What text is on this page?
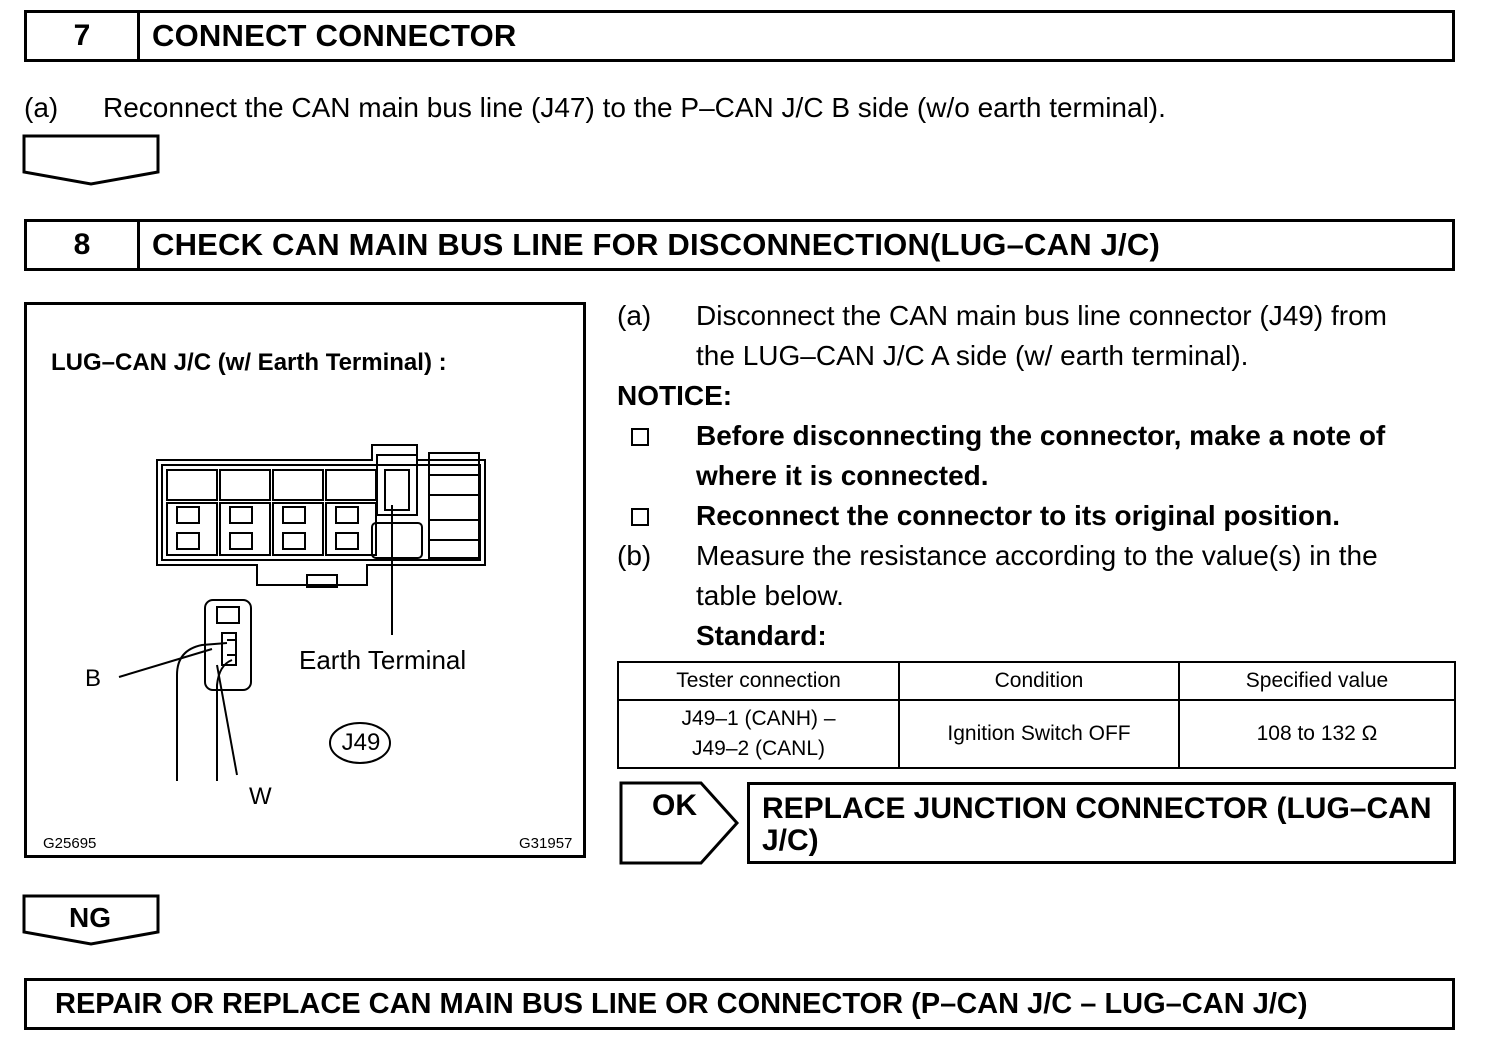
7	CONNECT CONNECTOR
(a) Reconnect the CAN main bus line (J47) to the P–CAN J/C B side (w/o earth terminal).
8	CHECK CAN MAIN BUS LINE FOR DISCONNECTION(LUG–CAN J/C)
LUG–CAN J/C (w/ Earth Terminal) :
Earth Terminal
B
W
J49
G25695	G31957
(a) Disconnect the CAN main bus line connector (J49) from
the LUG–CAN J/C A side (w/ earth terminal).
NOTICE:
Before disconnecting the connector, make a note of
where it is connected.
Reconnect the connector to its original position.
(b) Measure the resistance according to the value(s) in the
table below.
Standard:
Tester connection	Condition	Specified value
J49–1 (CANH) –
J49–2 (CANL)	Ignition Switch OFF	108 to 132 Ω
OK	REPLACE JUNCTION CONNECTOR (LUG–CAN J/C)
NG
REPAIR OR REPLACE CAN MAIN BUS LINE OR CONNECTOR (P–CAN J/C – LUG–CAN J/C)
